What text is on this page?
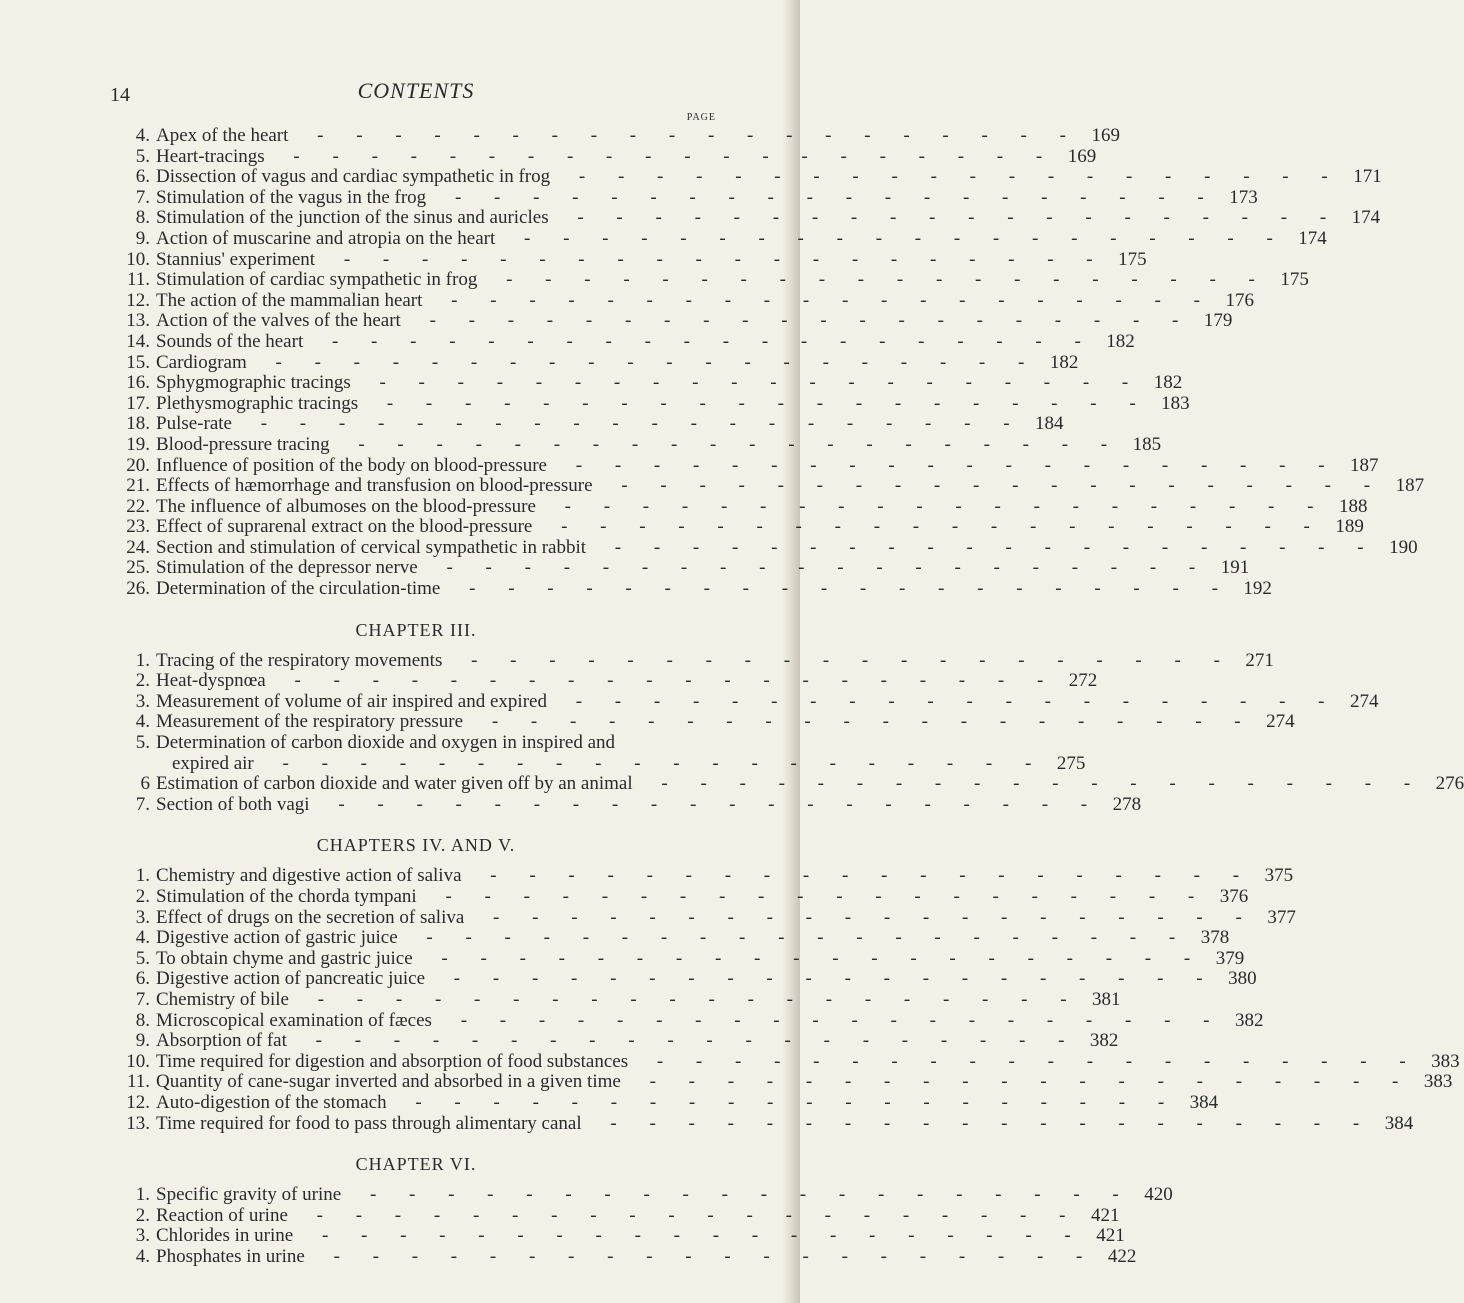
14	CONTENTS
PAGE
4. Apex of the heart - - - - - - - - - - - - - - - - - - - - 169
5. Heart-tracings - - - - - - - - - - - - - - - - - - - - 169
6. Dissection of vagus and cardiac sympathetic in frog - - - - - - - - - - - - - - - - - - - - 171
7. Stimulation of the vagus in the frog - - - - - - - - - - - - - - - - - - - - 173
8. Stimulation of the junction of the sinus and auricles - - - - - - - - - - - - - - - - - - - - 174
9. Action of muscarine and atropia on the heart - - - - - - - - - - - - - - - - - - - - 174
10. Stannius' experiment - - - - - - - - - - - - - - - - - - - - 175
11. Stimulation of cardiac sympathetic in frog - - - - - - - - - - - - - - - - - - - - 175
12. The action of the mammalian heart - - - - - - - - - - - - - - - - - - - - 176
13. Action of the valves of the heart - - - - - - - - - - - - - - - - - - - - 179
14. Sounds of the heart - - - - - - - - - - - - - - - - - - - - 182
15. Cardiogram - - - - - - - - - - - - - - - - - - - - 182
16. Sphygmographic tracings - - - - - - - - - - - - - - - - - - - - 182
17. Plethysmographic tracings - - - - - - - - - - - - - - - - - - - - 183
18. Pulse-rate - - - - - - - - - - - - - - - - - - - - 184
19. Blood-pressure tracing - - - - - - - - - - - - - - - - - - - - 185
20. Influence of position of the body on blood-pressure - - - - - - - - - - - - - - - - - - - - 187
21. Effects of hæmorrhage and transfusion on blood-pressure - - - - - - - - - - - - - - - - - - - - 187
22. The influence of albumoses on the blood-pressure - - - - - - - - - - - - - - - - - - - - 188
23. Effect of suprarenal extract on the blood-pressure - - - - - - - - - - - - - - - - - - - - 189
24. Section and stimulation of cervical sympathetic in rabbit - - - - - - - - - - - - - - - - - - - - 190
25. Stimulation of the depressor nerve - - - - - - - - - - - - - - - - - - - - 191
26. Determination of the circulation-time - - - - - - - - - - - - - - - - - - - - 192
CHAPTER III.
1. Tracing of the respiratory movements - - - - - - - - - - - - - - - - - - - - 271
2. Heat-dyspnœa - - - - - - - - - - - - - - - - - - - - 272
3. Measurement of volume of air inspired and expired - - - - - - - - - - - - - - - - - - - - 274
4. Measurement of the respiratory pressure - - - - - - - - - - - - - - - - - - - - 274
5. Determination of carbon dioxide and oxygen in inspired and
expired air - - - - - - - - - - - - - - - - - - - - 275
6 Estimation of carbon dioxide and water given off by an animal - - - - - - - - - - - - - - - - - - - - 276
7. Section of both vagi - - - - - - - - - - - - - - - - - - - - 278
CHAPTERS IV. AND V.
1. Chemistry and digestive action of saliva - - - - - - - - - - - - - - - - - - - - 375
2. Stimulation of the chorda tympani - - - - - - - - - - - - - - - - - - - - 376
3. Effect of drugs on the secretion of saliva - - - - - - - - - - - - - - - - - - - - 377
4. Digestive action of gastric juice - - - - - - - - - - - - - - - - - - - - 378
5. To obtain chyme and gastric juice - - - - - - - - - - - - - - - - - - - - 379
6. Digestive action of pancreatic juice - - - - - - - - - - - - - - - - - - - - 380
7. Chemistry of bile - - - - - - - - - - - - - - - - - - - - 381
8. Microscopical examination of fæces - - - - - - - - - - - - - - - - - - - - 382
9. Absorption of fat - - - - - - - - - - - - - - - - - - - - 382
10. Time required for digestion and absorption of food substances - - - - - - - - - - - - - - - - - - - - 383
11. Quantity of cane-sugar inverted and absorbed in a given time - - - - - - - - - - - - - - - - - - - - 383
12. Auto-digestion of the stomach - - - - - - - - - - - - - - - - - - - - 384
13. Time required for food to pass through alimentary canal - - - - - - - - - - - - - - - - - - - - 384
CHAPTER VI.
1. Specific gravity of urine - - - - - - - - - - - - - - - - - - - - 420
2. Reaction of urine - - - - - - - - - - - - - - - - - - - - 421
3. Chlorides in urine - - - - - - - - - - - - - - - - - - - - 421
4. Phosphates in urine - - - - - - - - - - - - - - - - - - - - 422
